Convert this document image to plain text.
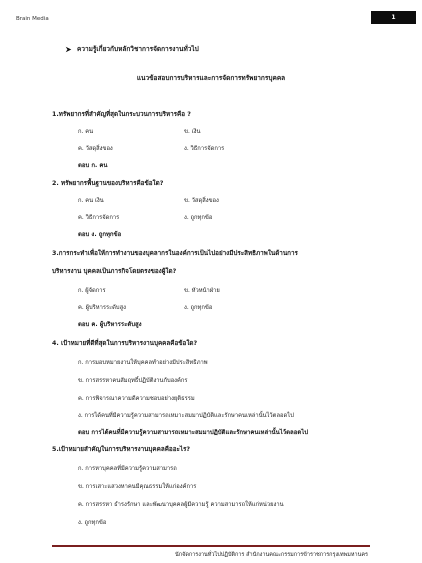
Brain Media	1
ความรู้เกี่ยวกับหลักวิชาการจัดการงานทั่วไป
แนวข้อสอบการบริหารและการจัดการทรัพยากรบุคคล
1.ทรัพยากรที่สำคัญที่สุดในกระบวนการบริหารคือ ?
ก. คน	ข. เงิน
ค. วัสดุสิ่งของ	ง. วิธีการจัดการ
ตอบ ก. คน
2. ทรัพยากรพื้นฐานของบริหารคือข้อใด?
ก. คน เงิน	ข. วัสดุสิ่งของ
ค. วิธีการจัดการ	ง. ถูกทุกข้อ
ตอบ ง. ถูกทุกข้อ
3.การกระทำเพื่อให้การทำงานของบุคลากรในองค์การเป็นไปอย่างมีประสิทธิภาพในด้านการ
บริหารงาน บุคคลเป็นภารกิจโดยตรงของผู้ใด?
ก. ผู้จัดการ	ข. หัวหน้าฝ่าย
ค. ผู้บริหารระดับสูง	ง. ถูกทุกข้อ
ตอบ ค. ผู้บริหารระดับสูง
4. เป้าหมายที่ดีที่สุดในการบริหารงานบุคคลคือข้อใด?
ก. การมอบหมายงานให้บุคคลทำอย่างมีประสิทธิภาพ
ข. การสรรหาคนสัมฤทธิ์ปฏิบัติงานกับองค์กร
ค. การพิจารณาความดีความชอบอย่างยุติธรรม
ง. การได้คนที่มีความรู้ความสามารถเหมาะสมมาปฏิบัติและรักษาคนเหล่านั้นไว้ตลอดไป
ตอบ การได้คนที่มีความรู้ความสามารถเหมาะสมมาปฏิบัติและรักษาคนเหล่านั้นไว้ตลอดไป
5.เป้าหมายสำคัญในการบริหารงานบุคคลคืออะไร?
ก. การหาบุคคลที่มีความรู้ความสามารถ
ข. การเสาะแสวงหาคนมีคุณธรรมให้แก่องค์การ
ค. การสรรหา ธำรงรักษา และพัฒนาบุคคลผู้มีความรู้ ความสามารถให้แก่หน่วยงาน
ง. ถูกทุกข้อ
นักจัดการงานทั่วไปปฏิบัติการ สำนักงานคณะกรรมการข้าราชการกรุงเทพมหานคร
